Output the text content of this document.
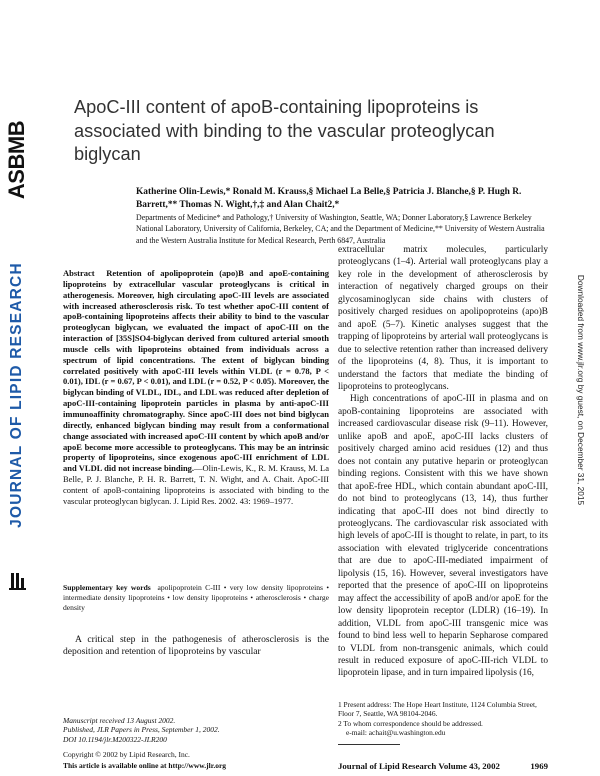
ASBMB
JOURNAL OF LIPID RESEARCH	Downloaded from www.jlr.org by guest, on December 31, 2015
ApoC-III content of apoB-containing lipoproteins is associated with binding to the vascular proteoglycan biglycan
Katherine Olin-Lewis,* Ronald M. Krauss,§ Michael La Belle,§ Patricia J. Blanche,§ P. Hugh R. Barrett,** Thomas N. Wight,†,‡ and Alan Chait2,*
Departments of Medicine* and Pathology,† University of Washington, Seattle, WA; Donner Laboratory,§ Lawrence Berkeley National Laboratory, University of California, Berkeley, CA; and the Department of Medicine,** University of Western Australia and the Western Australia Institute for Medical Research, Perth 6847, Australia
Abstract Retention of apolipoprotein (apo)B and apoE-containing lipoproteins by extracellular vascular proteoglycans is critical in atherogenesis. Moreover, high circulating apoC-III levels are associated with increased atherosclerosis risk. To test whether apoC-III content of apoB-containing lipoproteins affects their ability to bind to the vascular proteoglycan biglycan, we evaluated the impact of apoC-III on the interaction of [35S]SO4-biglycan derived from cultured arterial smooth muscle cells with lipoproteins obtained from individuals across a spectrum of lipid concentrations. The extent of biglycan binding correlated positively with apoC-III levels within VLDL (r = 0.78, P < 0.01), IDL (r = 0.67, P < 0.01), and LDL (r = 0.52, P < 0.05). Moreover, the biglycan binding of VLDL, IDL, and LDL was reduced after depletion of apoC-III-containing lipoprotein particles in plasma by anti-apoC-III immunoaffinity chromatography. Since apoC-III does not bind biglycan directly, enhanced biglycan binding may result from a conformational change associated with increased apoC-III content by which apoB and/or apoE become more accessible to proteoglycans. This may be an intrinsic property of lipoproteins, since exogenous apoC-III enrichment of LDL and VLDL did not increase binding.—Olin-Lewis, K., R. M. Krauss, M. La Belle, P. J. Blanche, P. H. R. Barrett, T. N. Wight, and A. Chait. ApoC-III content of apoB-containing lipoproteins is associated with binding to the vascular proteoglycan biglycan. J. Lipid Res. 2002. 43: 1969–1977.
Supplementary key words apolipoprotein C-III • very low density lipoproteins • intermediate density lipoproteins • low density lipoproteins • atherosclerosis • charge density
A critical step in the pathogenesis of atherosclerosis is the deposition and retention of lipoproteins by vascular

extracellular matrix molecules, particularly proteoglycans (1–4). Arterial wall proteoglycans play a key role in the development of atherosclerosis by interaction of negatively charged groups on their glycosaminoglycan side chains with clusters of positively charged residues on apolipoproteins (apo)B and apoE (5–7). Kinetic analyses suggest that the trapping of lipoproteins by arterial wall proteoglycans is due to selective retention rather than increased delivery of the lipoproteins (4, 8). Thus, it is important to understand the factors that mediate the binding of lipoproteins to proteoglycans.

High concentrations of apoC-III in plasma and on apoB-containing lipoproteins are associated with increased cardiovascular disease risk (9–11). However, unlike apoB and apoE, apoC-III lacks clusters of positively charged amino acid residues (12) and thus does not contain any putative heparin or proteoglycan binding regions. Consistent with this we have shown that apoE-free HDL, which contain abundant apoC-III, do not bind to proteoglycans (13, 14), thus further indicating that apoC-III does not bind directly to proteoglycans. The cardiovascular risk associated with high levels of apoC-III is thought to relate, in part, to its association with elevated triglyceride concentrations that are due to apoC-III-mediated impairment of lipolysis (15, 16). However, several investigators have reported that the presence of apoC-III on lipoproteins may affect the accessibility of apoB and/or apoE for the low density lipoprotein receptor (LDLR) (16–19). In addition, VLDL from apoC-III transgenic mice was found to bind less well to heparin Sepharose compared to VLDL from non-transgenic animals, which could result in reduced exposure of apoC-III-rich VLDL to lipoprotein lipase, and in turn impaired lipolysis (16,

1 Present address: The Hope Heart Institute, 1124 Columbia Street, Floor 7, Seattle, WA 98104-2046.

2 To whom correspondence should be addressed.

e-mail: achait@u.washington.edu

Manuscript received 13 August 2002.

Published, JLR Papers in Press, September 1, 2002.

DOI 10.1194/jlr.M200322-JLR200

Copyright © 2002 by Lipid Research, Inc.
This article is available online at http://www.jlr.org	Journal of Lipid Research Volume 43, 2002	1969
